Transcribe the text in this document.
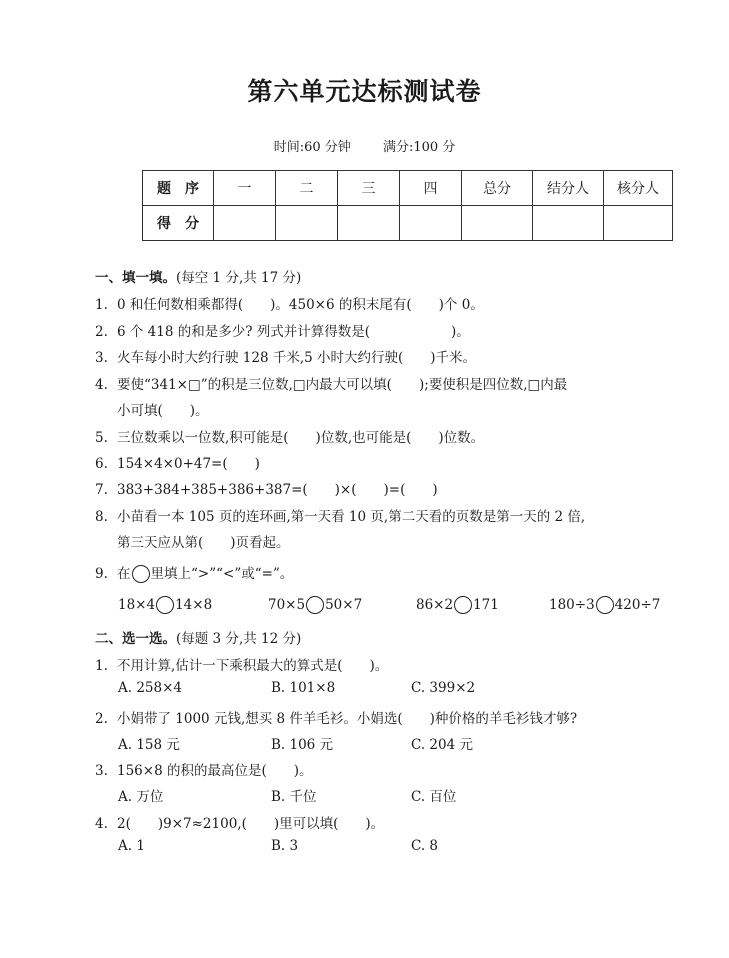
第六单元达标测试卷
时间:60 分钟 满分:100 分
题　序	一	二	三	四	总分	结分人	核分人
得　分							
一、填一填。(每空 1 分,共 17 分)
1. 0 和任何数相乘都得(　　)。450×6 的积末尾有(　　)个 0。
2. 6 个 418 的和是多少? 列式并计算得数是(　　　　　　)。
3. 火车每小时大约行驶 128 千米,5 小时大约行驶(　　)千米。
4. 要使“341×□”的积是三位数,□内最大可以填(　　);要使积是四位数,□内最
小可填(　　)。
5. 三位数乘以一位数,积可能是(　　)位数,也可能是(　　)位数。
6. 154×4×0+47=(　　)
7. 383+384+385+386+387=(　　)×(　　)=(　　)
8. 小苗看一本 105 页的连环画,第一天看 10 页,第二天看的页数是第一天的 2 倍,
第三天应从第(　　)页看起。
9. 在 里填上“>”“<”或“=”。
18×4 14×8	70×5 50×7	86×2 171	180÷3 420÷7
二、选一选。(每题 3 分,共 12 分)
1. 不用计算,估计一下乘积最大的算式是(　　)。
A. 258×4	B. 101×8	C. 399×2
2. 小娟带了 1000 元钱,想买 8 件羊毛衫。小娟选(　　)种价格的羊毛衫钱才够?
A. 158 元	B. 106 元	C. 204 元
3. 156×8 的积的最高位是(　　)。
A. 万位	B. 千位	C. 百位
4. 2(　　)9×7≈2100,(　　)里可以填(　　)。
A. 1	B. 3	C. 8
